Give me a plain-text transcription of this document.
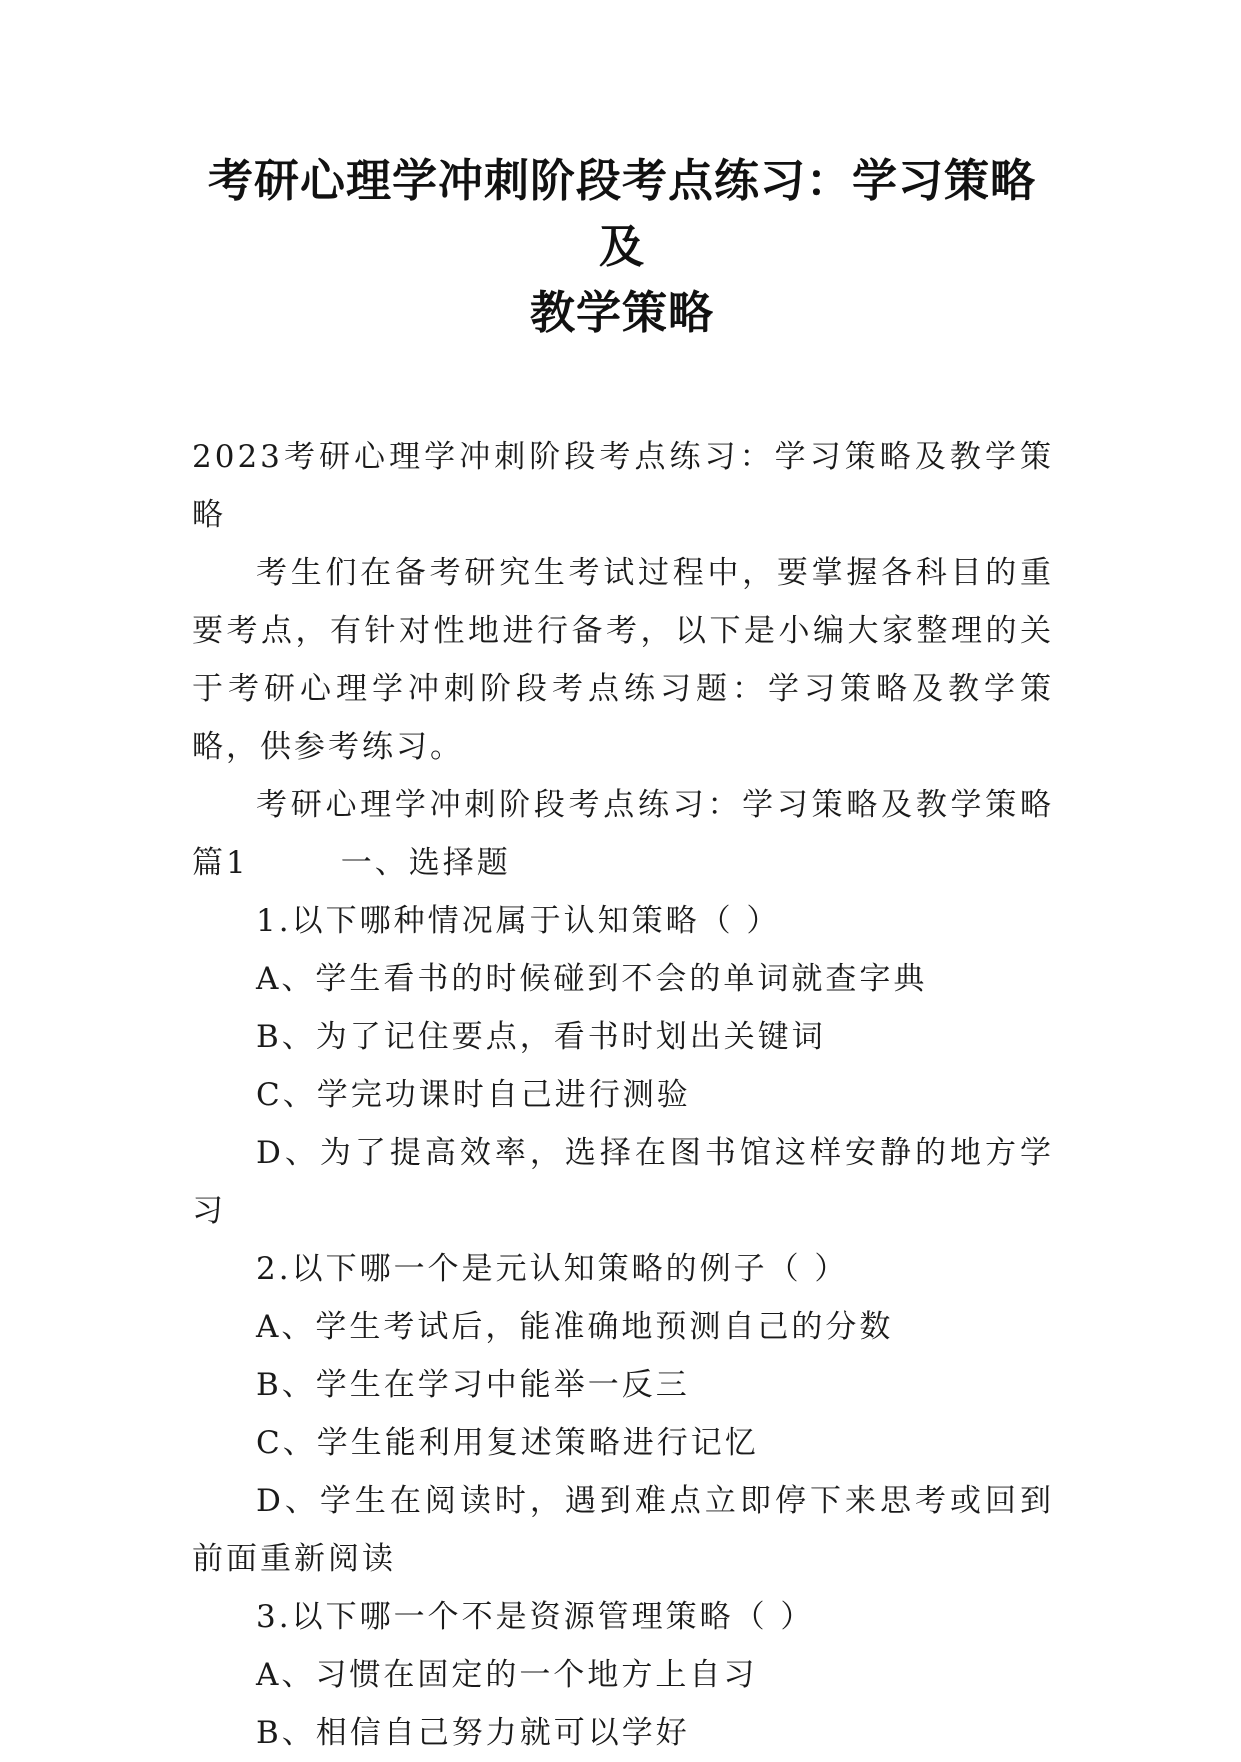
考研心理学冲刺阶段考点练习：学习策略及
教学策略

2023考研心理学冲刺阶段考点练习：学习策略及教学策略

考生们在备考研究生考试过程中，要掌握各科目的重要考点，有针对性地进行备考，以下是小编大家整理的关于考研心理学冲刺阶段考点练习题：学习策略及教学策略，供参考练习。

考研心理学冲刺阶段考点练习：学习策略及教学策略篇1	一、选择题

1.以下哪种情况属于认知策略（ ）

A、学生看书的时候碰到不会的单词就查字典

B、为了记住要点，看书时划出关键词

C、学完功课时自己进行测验

D、为了提高效率，选择在图书馆这样安静的地方学习

2.以下哪一个是元认知策略的例子（ ）

A、学生考试后，能准确地预测自己的分数

B、学生在学习中能举一反三

C、学生能利用复述策略进行记忆

D、学生在阅读时，遇到难点立即停下来思考或回到前面重新阅读

3.以下哪一个不是资源管理策略（ ）

A、习惯在固定的一个地方上自习

B、相信自己努力就可以学好
